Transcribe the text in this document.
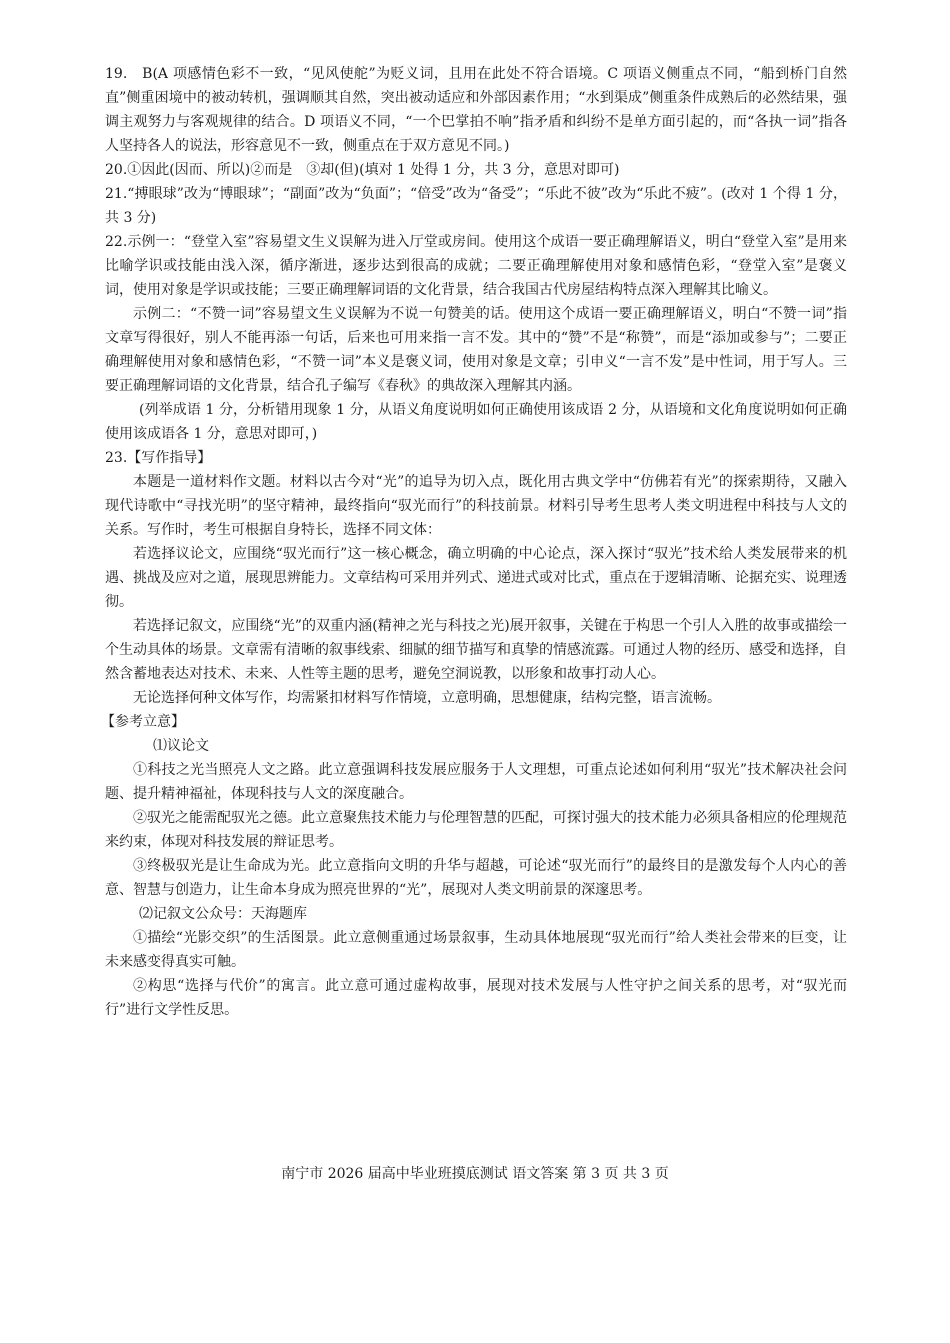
19.　B(A 项感情色彩不一致，“见风使舵”为贬义词，且用在此处不符合语境。C 项语义侧重点不同，“船到桥门自然直”侧重困境中的被动转机，强调顺其自然，突出被动适应和外部因素作用；“水到渠成”侧重条件成熟后的必然结果，强调主观努力与客观规律的结合。D 项语义不同，“一个巴掌拍不响”指矛盾和纠纷不是单方面引起的，而“各执一词”指各人坚持各人的说法，形容意见不一致，侧重点在于双方意见不同。)

20.①因此(因而、所以)②而是　③却(但)(填对 1 处得 1 分，共 3 分，意思对即可)

21.“搏眼球”改为“博眼球”；“副面”改为“负面”；“倍受”改为“备受”；“乐此不彼”改为“乐此不疲”。(改对 1 个得 1 分，共 3 分)

22.示例一：“登堂入室”容易望文生义误解为进入厅堂或房间。使用这个成语一要正确理解语义，明白“登堂入室”是用来比喻学识或技能由浅入深，循序渐进，逐步达到很高的成就；二要正确理解使用对象和感情色彩，“登堂入室”是褒义词，使用对象是学识或技能；三要正确理解词语的文化背景，结合我国古代房屋结构特点深入理解其比喻义。

示例二：“不赞一词”容易望文生义误解为不说一句赞美的话。使用这个成语一要正确理解语义，明白“不赞一词”指文章写得很好，别人不能再添一句话，后来也可用来指一言不发。其中的“赞”不是“称赞”，而是“添加或参与”；二要正确理解使用对象和感情色彩，“不赞一词”本义是褒义词，使用对象是文章；引申义“一言不发”是中性词，用于写人。三要正确理解词语的文化背景，结合孔子编写《春秋》的典故深入理解其内涵。

(列举成语 1 分，分析错用现象 1 分，从语义角度说明如何正确使用该成语 2 分，从语境和文化角度说明如何正确使用该成语各 1 分，意思对即可，)

23.【写作指导】

本题是一道材料作文题。材料以古今对“光”的追导为切入点，既化用古典文学中“仿佛若有光”的探索期待，又融入现代诗歌中“寻找光明”的坚守精神，最终指向“驭光而行”的科技前景。材料引导考生思考人类文明进程中科技与人文的关系。写作时，考生可根据自身特长，选择不同文体：

若选择议论文，应围绕“驭光而行”这一核心概念，确立明确的中心论点，深入探讨“驭光”技术给人类发展带来的机遇、挑战及应对之道，展现思辨能力。文章结构可采用并列式、递进式或对比式，重点在于逻辑清晰、论据充实、说理透彻。

若选择记叙文，应围绕“光”的双重内涵(精神之光与科技之光)展开叙事，关键在于构思一个引人入胜的故事或描绘一个生动具体的场景。文章需有清晰的叙事线索、细腻的细节描写和真挚的情感流露。可通过人物的经历、感受和选择，自然含蓄地表达对技术、未来、人性等主题的思考，避免空洞说教，以形象和故事打动人心。

无论选择何种文体写作，均需紧扣材料写作情境，立意明确，思想健康，结构完整，语言流畅。

【参考立意】

⑴议论文

①科技之光当照亮人文之路。此立意强调科技发展应服务于人文理想，可重点论述如何利用“驭光”技术解决社会问题、提升精神福祉，体现科技与人文的深度融合。

②驭光之能需配驭光之德。此立意聚焦技术能力与伦理智慧的匹配，可探讨强大的技术能力必须具备相应的伦理规范来约束，体现对科技发展的辩证思考。

③终极驭光是让生命成为光。此立意指向文明的升华与超越，可论述“驭光而行”的最终目的是激发每个人内心的善意、智慧与创造力，让生命本身成为照亮世界的“光”，展现对人类文明前景的深邃思考。

⑵记叙文公众号：天海题库

①描绘“光影交织”的生活图景。此立意侧重通过场景叙事，生动具体地展现“驭光而行”给人类社会带来的巨变，让未来感变得真实可触。

②构思“选择与代价”的寓言。此立意可通过虚构故事，展现对技术发展与人性守护之间关系的思考，对“驭光而行”进行文学性反思。

南宁市 2026 届高中毕业班摸底测试 语文答案 第 3 页 共 3 页
